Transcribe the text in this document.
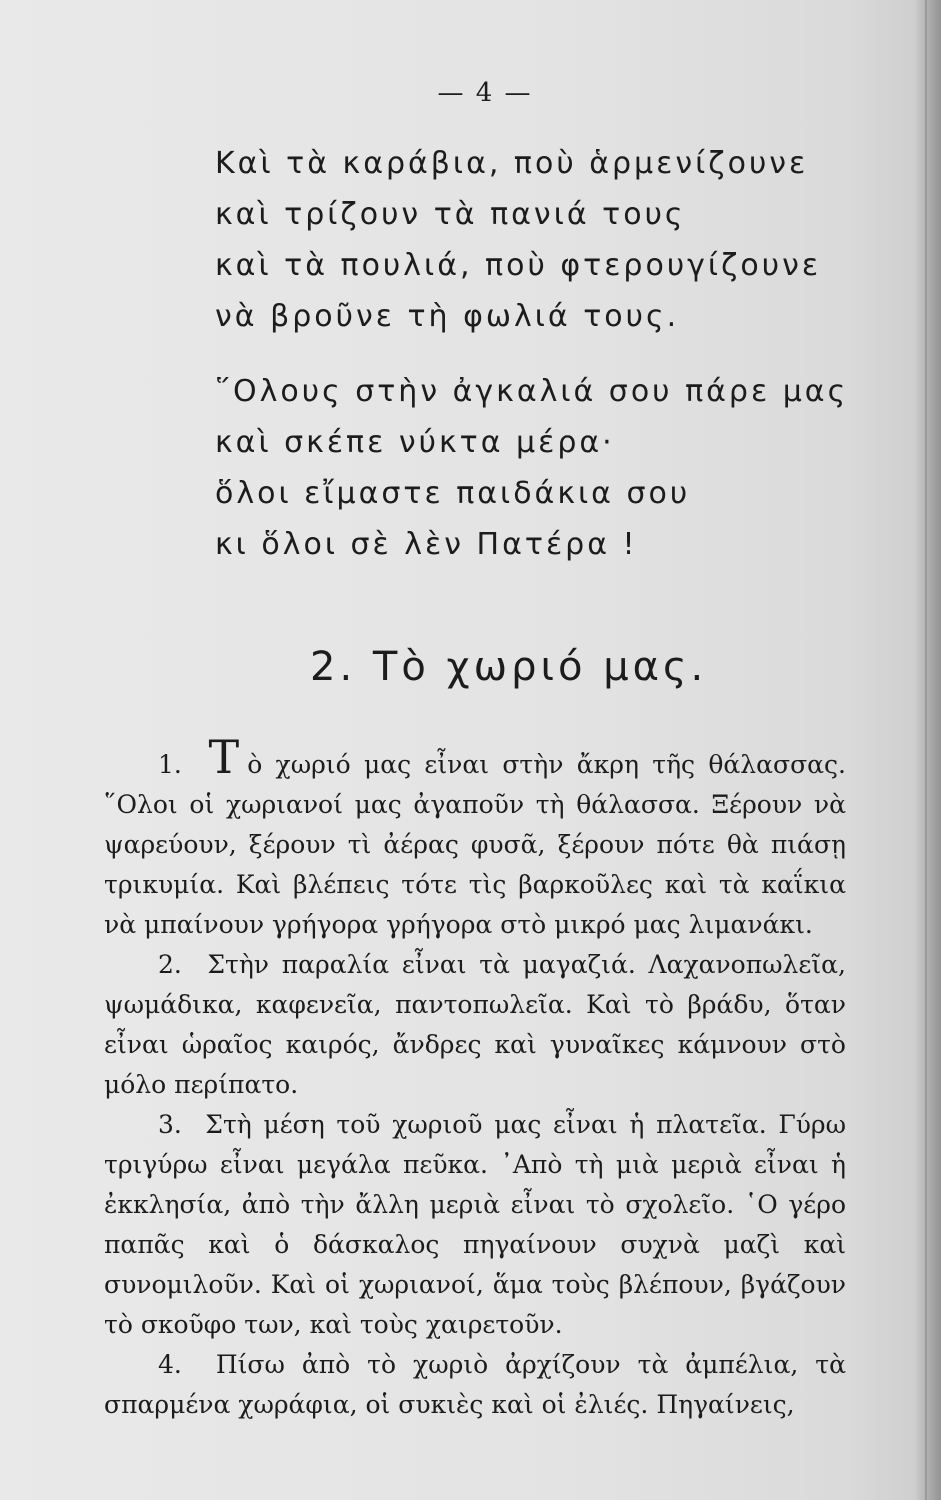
— 4 —
Καὶ τὰ καράβια, ποὺ ἁρμενίζουνε
καὶ τρίζουν τὰ πανιά τους
καὶ τὰ πουλιά, ποὺ φτερουγίζουνε
νὰ βροῦνε τὴ φωλιά τους.
῞Ολους στὴν ἀγκαλιά σου πάρε μας
καὶ σκέπε νύκτα μέρα·
ὅλοι εἴμαστε παιδάκια σου
κι ὅλοι σὲ λὲν Πατέρα !
2. Τὸ χωριό μας.

1. Τ ὸ χωριό μας εἶναι στὴν ἄκρη τῆς θάλασσας. ῞Ολοι οἱ χωριανοί μας ἀγαποῦν τὴ θάλασσα. Ξέρουν νὰ ψαρεύουν, ξέρουν τὶ ἀέρας φυσᾶ, ξέρουν πότε θὰ πιάσῃ τρικυμία. Καὶ βλέπεις τότε τὶς βαρκοῦλες καὶ τὰ καΐκια νὰ μπαίνουν γρήγορα γρήγορα στὸ μικρό μας λιμανάκι.

2. Στὴν παραλία εἶναι τὰ μαγαζιά. Λαχανοπωλεῖα, ψωμάδικα, καφενεῖα, παντοπωλεῖα. Καὶ τὸ βράδυ, ὅταν εἶναι ὡραῖος καιρός, ἄνδρες καὶ γυναῖκες κάμνουν στὸ μόλο περίπατο.

3. Στὴ μέση τοῦ χωριοῦ μας εἶναι ἡ πλατεῖα. Γύρω τριγύρω εἶναι μεγάλα πεῦκα. ᾿Απὸ τὴ μιὰ μεριὰ εἶναι ἡ ἐκκλησία, ἀπὸ τὴν ἄλλη μεριὰ εἶναι τὸ σχολεῖο. ῾Ο γέρο παπᾶς καὶ ὁ δάσκαλος πηγαίνουν συχνὰ μαζὶ καὶ συνομιλοῦν. Καὶ οἱ χωριανοί, ἅμα τοὺς βλέπουν, βγάζουν τὸ σκοῦφο των, καὶ τοὺς χαιρετοῦν.

4. Πίσω ἀπὸ τὸ χωριὸ ἀρχίζουν τὰ ἀμπέλια, τὰ σπαρμένα χωράφια, οἱ συκιὲς καὶ οἱ ἐλιές. Πηγαίνεις,
